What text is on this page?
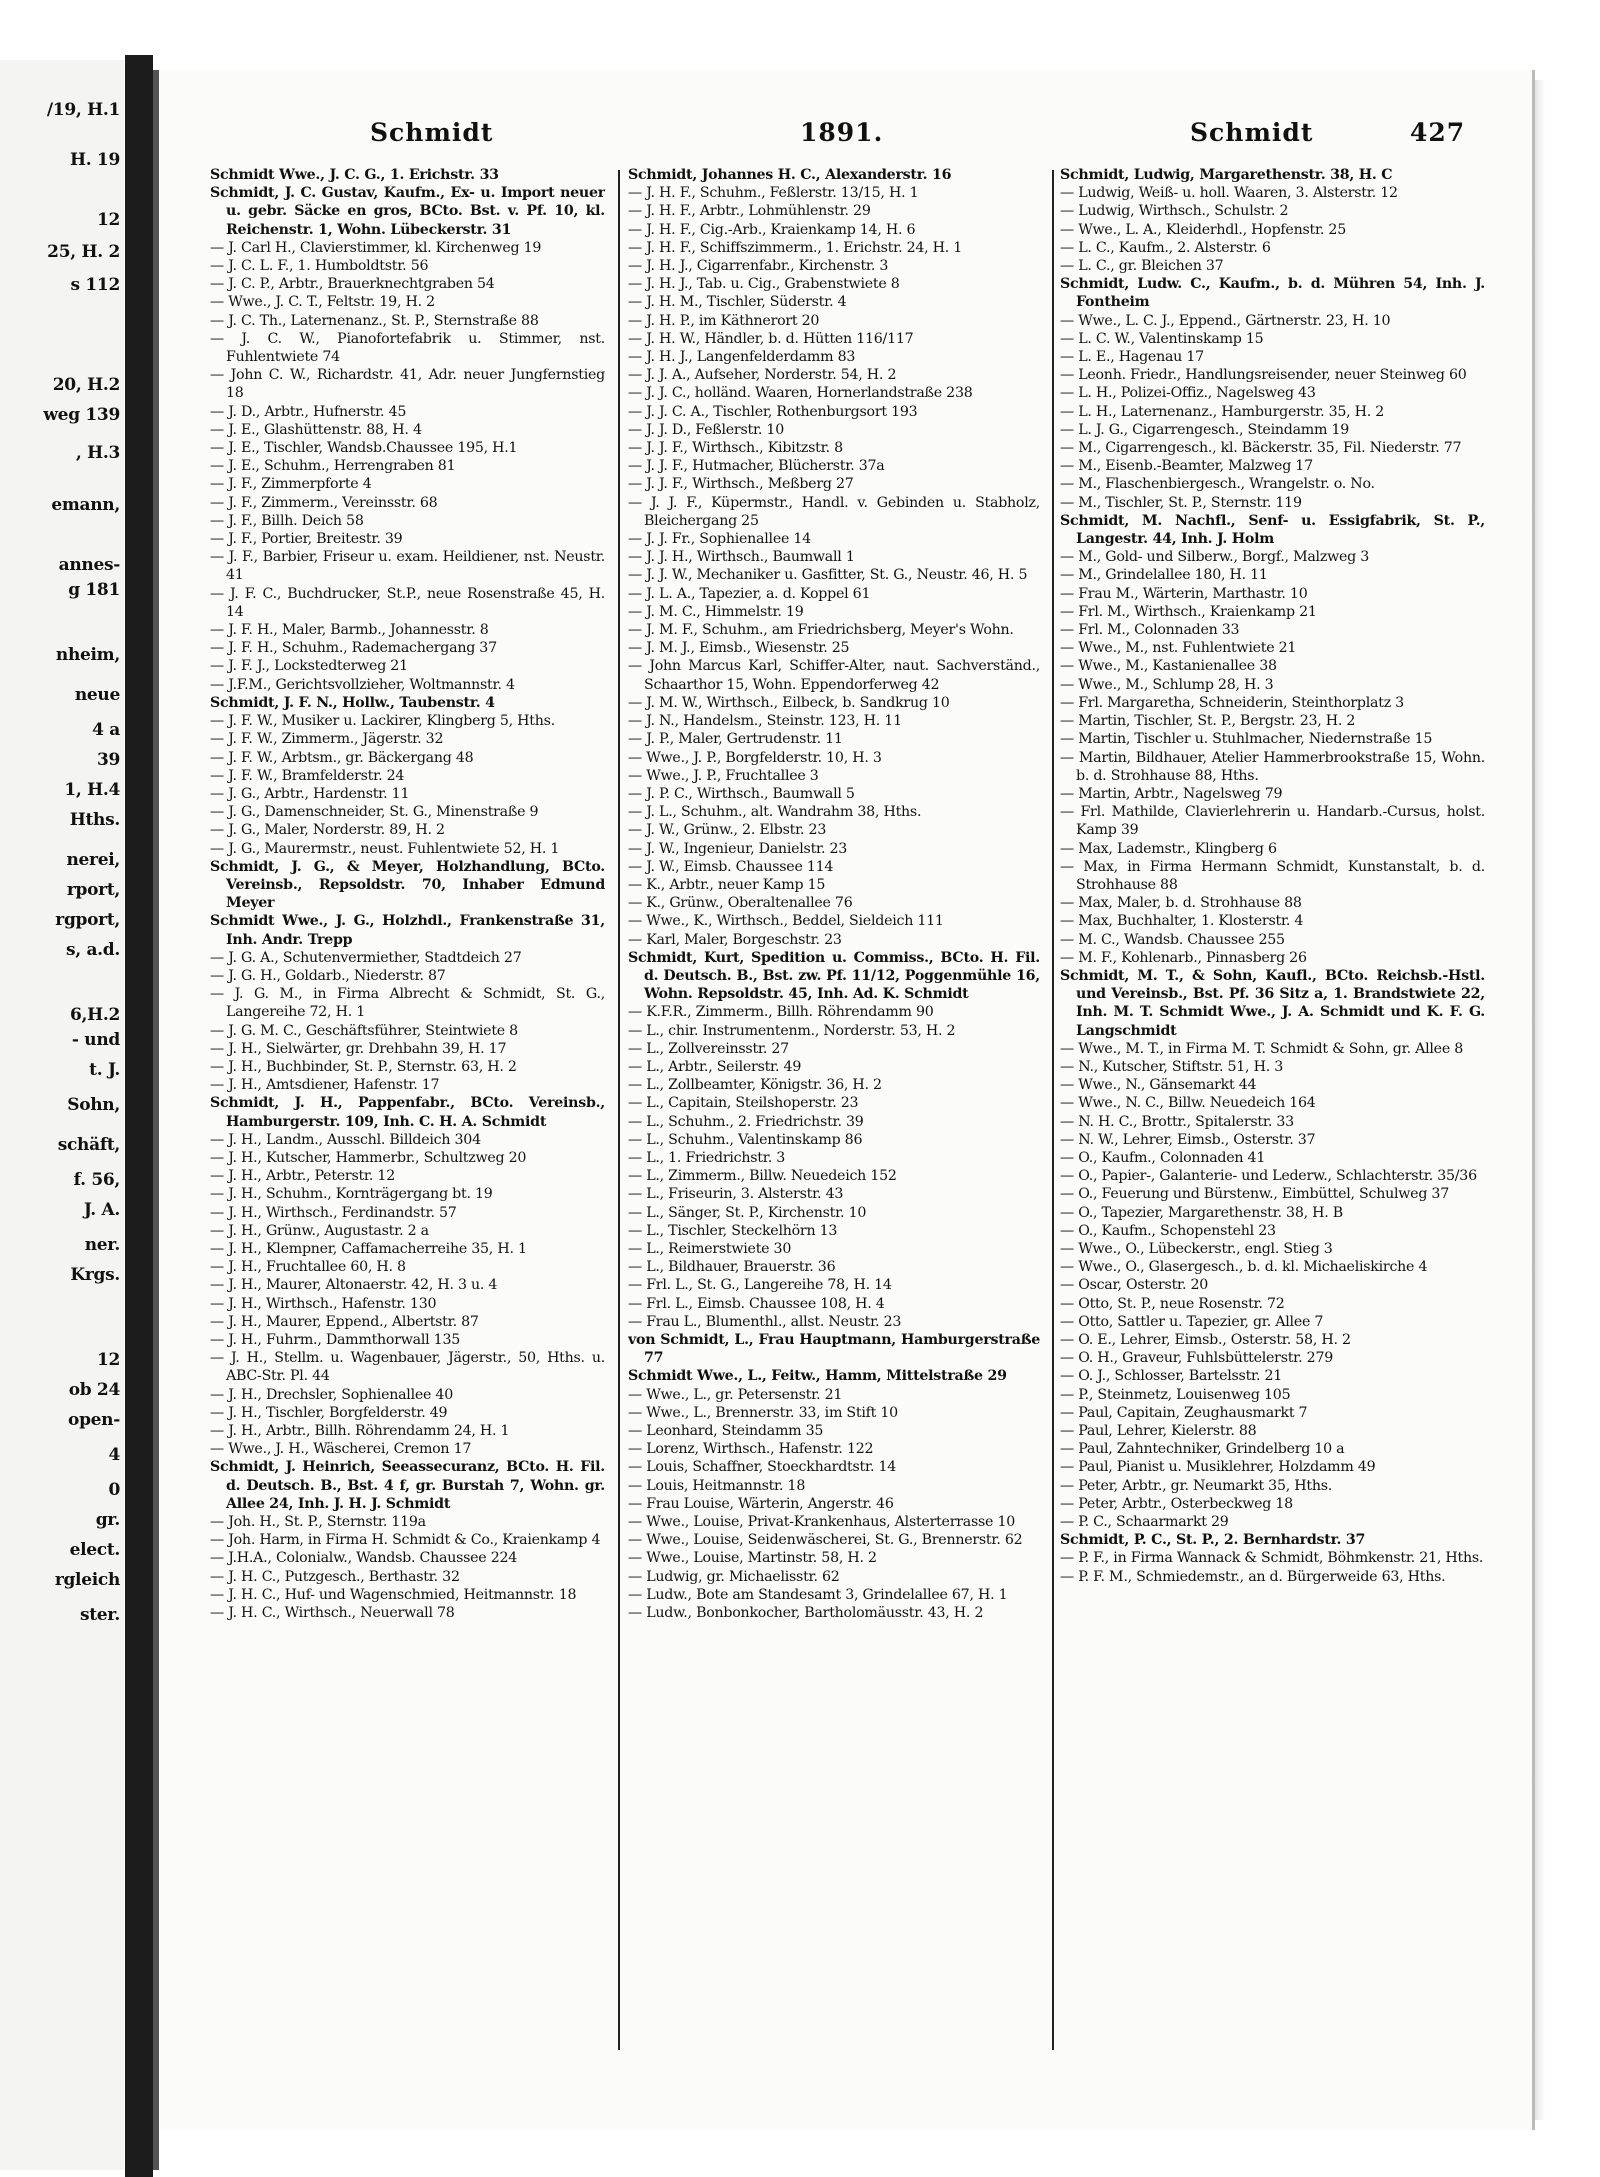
/19, H.1
H. 19
12
25, H. 2
s 112
20, H.2
weg 139
, H.3
emann,
annes-
g 181
nheim,
neue
4 a
39
1, H.4
Hths.
nerei,
rport,
rgport,
s, a.d.
6,H.2
- und
t. J.
Sohn,
schäft,
f. 56,
J. A.
ner.
Krgs.
12
ob 24
open-
4
0
gr.
elect.
rgleich
ster.
Schmidt	1891.	Schmidt	427

Schmidt Wwe., J. C. G., 1. Erichstr. 33

Schmidt, J. C. Gustav, Kaufm., Ex- u. Import neuer u. gebr. Säcke en gros, BCto. Bst. v. Pf. 10, kl. Reichenstr. 1, Wohn. Lübeckerstr. 31

— J. Carl H., Clavierstimmer, kl. Kirchenweg 19

— J. C. L. F., 1. Humboldtstr. 56

— J. C. P., Arbtr., Brauerknechtgraben 54

— Wwe., J. C. T., Feltstr. 19, H. 2

— J. C. Th., Laternenanz., St. P., Sternstraße 88

— J. C. W., Pianofortefabrik u. Stimmer, nst. Fuhlentwiete 74

— John C. W., Richardstr. 41, Adr. neuer Jungfernstieg 18

— J. D., Arbtr., Hufnerstr. 45

— J. E., Glashüttenstr. 88, H. 4

— J. E., Tischler, Wandsb.Chaussee 195, H.1

— J. E., Schuhm., Herrengraben 81

— J. F., Zimmerpforte 4

— J. F., Zimmerm., Vereinsstr. 68

— J. F., Billh. Deich 58

— J. F., Portier, Breitestr. 39

— J. F., Barbier, Friseur u. exam. Heildiener, nst. Neustr. 41

— J. F. C., Buchdrucker, St.P., neue Rosenstraße 45, H. 14

— J. F. H., Maler, Barmb., Johannesstr. 8

— J. F. H., Schuhm., Rademachergang 37

— J. F. J., Lockstedterweg 21

— J.F.M., Gerichtsvollzieher, Woltmannstr. 4

Schmidt, J. F. N., Hollw., Taubenstr. 4

— J. F. W., Musiker u. Lackirer, Klingberg 5, Hths.

— J. F. W., Zimmerm., Jägerstr. 32

— J. F. W., Arbtsm., gr. Bäckergang 48

— J. F. W., Bramfelderstr. 24

— J. G., Arbtr., Hardenstr. 11

— J. G., Damenschneider, St. G., Minenstraße 9

— J. G., Maler, Norderstr. 89, H. 2

— J. G., Maurermstr., neust. Fuhlentwiete 52, H. 1

Schmidt, J. G., & Meyer, Holzhandlung, BCto. Vereinsb., Repsoldstr. 70, Inhaber Edmund Meyer

Schmidt Wwe., J. G., Holzhdl., Frankenstraße 31, Inh. Andr. Trepp

— J. G. A., Schutenvermiether, Stadtdeich 27

— J. G. H., Goldarb., Niederstr. 87

— J. G. M., in Firma Albrecht & Schmidt, St. G., Langereihe 72, H. 1

— J. G. M. C., Geschäftsführer, Steintwiete 8

— J. H., Sielwärter, gr. Drehbahn 39, H. 17

— J. H., Buchbinder, St. P., Sternstr. 63, H. 2

— J. H., Amtsdiener, Hafenstr. 17

Schmidt, J. H., Pappenfabr., BCto. Vereinsb., Hamburgerstr. 109, Inh. C. H. A. Schmidt

— J. H., Landm., Ausschl. Billdeich 304

— J. H., Kutscher, Hammerbr., Schultzweg 20

— J. H., Arbtr., Peterstr. 12

— J. H., Schuhm., Kornträgergang bt. 19

— J. H., Wirthsch., Ferdinandstr. 57

— J. H., Grünw., Augustastr. 2 a

— J. H., Klempner, Caffamacherreihe 35, H. 1

— J. H., Fruchtallee 60, H. 8

— J. H., Maurer, Altonaerstr. 42, H. 3 u. 4

— J. H., Wirthsch., Hafenstr. 130

— J. H., Maurer, Eppend., Albertstr. 87

— J. H., Fuhrm., Dammthorwall 135

— J. H., Stellm. u. Wagenbauer, Jägerstr., 50, Hths. u. ABC-Str. Pl. 44

— J. H., Drechsler, Sophienallee 40

— J. H., Tischler, Borgfelderstr. 49

— J. H., Arbtr., Billh. Röhrendamm 24, H. 1

— Wwe., J. H., Wäscherei, Cremon 17

Schmidt, J. Heinrich, Seeassecuranz, BCto. H. Fil. d. Deutsch. B., Bst. 4 f, gr. Burstah 7, Wohn. gr. Allee 24, Inh. J. H. J. Schmidt

— Joh. H., St. P., Sternstr. 119a

— Joh. Harm, in Firma H. Schmidt & Co., Kraienkamp 4

— J.H.A., Colonialw., Wandsb. Chaussee 224

— J. H. C., Putzgesch., Berthastr. 32

— J. H. C., Huf- und Wagenschmied, Heitmannstr. 18

— J. H. C., Wirthsch., Neuerwall 78

Schmidt, Johannes H. C., Alexanderstr. 16

— J. H. F., Schuhm., Feßlerstr. 13/15, H. 1

— J. H. F., Arbtr., Lohmühlenstr. 29

— J. H. F., Cig.-Arb., Kraienkamp 14, H. 6

— J. H. F., Schiffszimmerm., 1. Erichstr. 24, H. 1

— J. H. J., Cigarrenfabr., Kirchenstr. 3

— J. H. J., Tab. u. Cig., Grabenstwiete 8

— J. H. M., Tischler, Süderstr. 4

— J. H. P., im Käthnerort 20

— J. H. W., Händler, b. d. Hütten 116/117

— J. H. J., Langenfelderdamm 83

— J. J. A., Aufseher, Norderstr. 54, H. 2

— J. J. C., holländ. Waaren, Hornerlandstraße 238

— J. J. C. A., Tischler, Rothenburgsort 193

— J. J. D., Feßlerstr. 10

— J. J. F., Wirthsch., Kibitzstr. 8

— J. J. F., Hutmacher, Blücherstr. 37a

— J. J. F., Wirthsch., Meßberg 27

— J. J. F., Küpermstr., Handl. v. Gebinden u. Stabholz, Bleichergang 25

— J. J. Fr., Sophienallee 14

— J. J. H., Wirthsch., Baumwall 1

— J. J. W., Mechaniker u. Gasfitter, St. G., Neustr. 46, H. 5

— J. L. A., Tapezier, a. d. Koppel 61

— J. M. C., Himmelstr. 19

— J. M. F., Schuhm., am Friedrichsberg, Meyer's Wohn.

— J. M. J., Eimsb., Wiesenstr. 25

— John Marcus Karl, Schiffer-Alter, naut. Sachverständ., Schaarthor 15, Wohn. Eppendorferweg 42

— J. M. W., Wirthsch., Eilbeck, b. Sandkrug 10

— J. N., Handelsm., Steinstr. 123, H. 11

— J. P., Maler, Gertrudenstr. 11

— Wwe., J. P., Borgfelderstr. 10, H. 3

— Wwe., J. P., Fruchtallee 3

— J. P. C., Wirthsch., Baumwall 5

— J. L., Schuhm., alt. Wandrahm 38, Hths.

— J. W., Grünw., 2. Elbstr. 23

— J. W., Ingenieur, Danielstr. 23

— J. W., Eimsb. Chaussee 114

— K., Arbtr., neuer Kamp 15

— K., Grünw., Oberaltenallee 76

— Wwe., K., Wirthsch., Beddel, Sieldeich 111

— Karl, Maler, Borgeschstr. 23

Schmidt, Kurt, Spedition u. Commiss., BCto. H. Fil. d. Deutsch. B., Bst. zw. Pf. 11/12, Poggenmühle 16, Wohn. Repsoldstr. 45, Inh. Ad. K. Schmidt

— K.F.R., Zimmerm., Billh. Röhrendamm 90

— L., chir. Instrumentenm., Norderstr. 53, H. 2

— L., Zollvereinsstr. 27

— L., Arbtr., Seilerstr. 49

— L., Zollbeamter, Königstr. 36, H. 2

— L., Capitain, Steilshoperstr. 23

— L., Schuhm., 2. Friedrichstr. 39

— L., Schuhm., Valentinskamp 86

— L., 1. Friedrichstr. 3

— L., Zimmerm., Billw. Neuedeich 152

— L., Friseurin, 3. Alsterstr. 43

— L., Sänger, St. P., Kirchenstr. 10

— L., Tischler, Steckelhörn 13

— L., Reimerstwiete 30

— L., Bildhauer, Brauerstr. 36

— Frl. L., St. G., Langereihe 78, H. 14

— Frl. L., Eimsb. Chaussee 108, H. 4

— Frau L., Blumenthl., allst. Neustr. 23

von Schmidt, L., Frau Hauptmann, Hamburgerstraße 77

Schmidt Wwe., L., Feitw., Hamm, Mittelstraße 29

— Wwe., L., gr. Petersenstr. 21

— Wwe., L., Brennerstr. 33, im Stift 10

— Leonhard, Steindamm 35

— Lorenz, Wirthsch., Hafenstr. 122

— Louis, Schaffner, Stoeckhardtstr. 14

— Louis, Heitmannstr. 18

— Frau Louise, Wärterin, Angerstr. 46

— Wwe., Louise, Privat-Krankenhaus, Alsterterrasse 10

— Wwe., Louise, Seidenwäscherei, St. G., Brennerstr. 62

— Wwe., Louise, Martinstr. 58, H. 2

— Ludwig, gr. Michaelisstr. 62

— Ludw., Bote am Standesamt 3, Grindelallee 67, H. 1

— Ludw., Bonbonkocher, Bartholomäusstr. 43, H. 2

Schmidt, Ludwig, Margarethenstr. 38, H. C

— Ludwig, Weiß- u. holl. Waaren, 3. Alsterstr. 12

— Ludwig, Wirthsch., Schulstr. 2

— Wwe., L. A., Kleiderhdl., Hopfenstr. 25

— L. C., Kaufm., 2. Alsterstr. 6

— L. C., gr. Bleichen 37

Schmidt, Ludw. C., Kaufm., b. d. Mühren 54, Inh. J. Fontheim

— Wwe., L. C. J., Eppend., Gärtnerstr. 23, H. 10

— L. C. W., Valentinskamp 15

— L. E., Hagenau 17

— Leonh. Friedr., Handlungsreisender, neuer Steinweg 60

— L. H., Polizei-Offiz., Nagelsweg 43

— L. H., Laternenanz., Hamburgerstr. 35, H. 2

— L. J. G., Cigarrengesch., Steindamm 19

— M., Cigarrengesch., kl. Bäckerstr. 35, Fil. Niederstr. 77

— M., Eisenb.-Beamter, Malzweg 17

— M., Flaschenbiergesch., Wrangelstr. o. No.

— M., Tischler, St. P., Sternstr. 119

Schmidt, M. Nachfl., Senf- u. Essigfabrik, St. P., Langestr. 44, Inh. J. Holm

— M., Gold- und Silberw., Borgf., Malzweg 3

— M., Grindelallee 180, H. 11

— Frau M., Wärterin, Marthastr. 10

— Frl. M., Wirthsch., Kraienkamp 21

— Frl. M., Colonnaden 33

— Wwe., M., nst. Fuhlentwiete 21

— Wwe., M., Kastanienallee 38

— Wwe., M., Schlump 28, H. 3

— Frl. Margaretha, Schneiderin, Steinthorplatz 3

— Martin, Tischler, St. P., Bergstr. 23, H. 2

— Martin, Tischler u. Stuhlmacher, Niedernstraße 15

— Martin, Bildhauer, Atelier Hammerbrookstraße 15, Wohn. b. d. Strohhause 88, Hths.

— Martin, Arbtr., Nagelsweg 79

— Frl. Mathilde, Clavierlehrerin u. Handarb.-Cursus, holst. Kamp 39

— Max, Lademstr., Klingberg 6

— Max, in Firma Hermann Schmidt, Kunstanstalt, b. d. Strohhause 88

— Max, Maler, b. d. Strohhause 88

— Max, Buchhalter, 1. Klosterstr. 4

— M. C., Wandsb. Chaussee 255

— M. F., Kohlenarb., Pinnasberg 26

Schmidt, M. T., & Sohn, Kaufl., BCto. Reichsb.-Hstl. und Vereinsb., Bst. Pf. 36 Sitz a, 1. Brandstwiete 22, Inh. M. T. Schmidt Wwe., J. A. Schmidt und K. F. G. Langschmidt

— Wwe., M. T., in Firma M. T. Schmidt & Sohn, gr. Allee 8

— N., Kutscher, Stiftstr. 51, H. 3

— Wwe., N., Gänsemarkt 44

— Wwe., N. C., Billw. Neuedeich 164

— N. H. C., Brottr., Spitalerstr. 33

— N. W., Lehrer, Eimsb., Osterstr. 37

— O., Kaufm., Colonnaden 41

— O., Papier-, Galanterie- und Lederw., Schlachterstr. 35/36

— O., Feuerung und Bürstenw., Eimbüttel, Schulweg 37

— O., Tapezier, Margarethenstr. 38, H. B

— O., Kaufm., Schopenstehl 23

— Wwe., O., Lübeckerstr., engl. Stieg 3

— Wwe., O., Glasergesch., b. d. kl. Michaeliskirche 4

— Oscar, Osterstr. 20

— Otto, St. P., neue Rosenstr. 72

— Otto, Sattler u. Tapezier, gr. Allee 7

— O. E., Lehrer, Eimsb., Osterstr. 58, H. 2

— O. H., Graveur, Fuhlsbüttelerstr. 279

— O. J., Schlosser, Bartelsstr. 21

— P., Steinmetz, Louisenweg 105

— Paul, Capitain, Zeughausmarkt 7

— Paul, Lehrer, Kielerstr. 88

— Paul, Zahntechniker, Grindelberg 10 a

— Paul, Pianist u. Musiklehrer, Holzdamm 49

— Peter, Arbtr., gr. Neumarkt 35, Hths.

— Peter, Arbtr., Osterbeckweg 18

— P. C., Schaarmarkt 29

Schmidt, P. C., St. P., 2. Bernhardstr. 37

— P. F., in Firma Wannack & Schmidt, Böhmkenstr. 21, Hths.

— P. F. M., Schmiedemstr., an d. Bürgerweide 63, Hths.
